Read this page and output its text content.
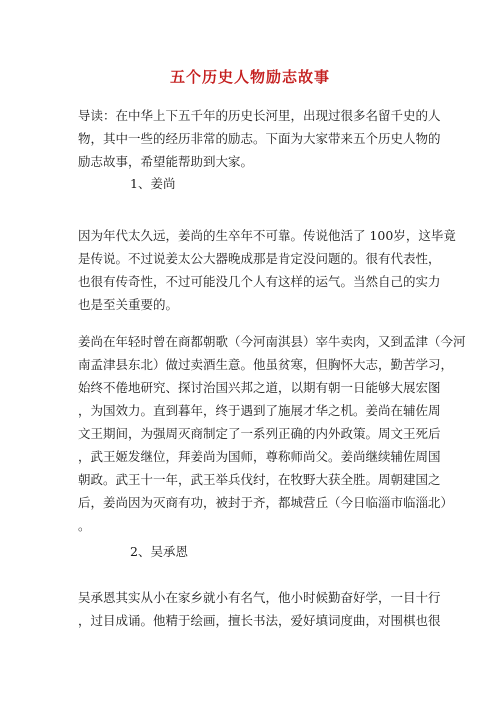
五个历史人物励志故事

导读：在中华上下五千年的历史长河里，出现过很多名留千史的人
物，其中一些的经历非常的励志。下面为大家带来五个历史人物的
励志故事，希望能帮助到大家。

1、姜尚

因为年代太久远，姜尚的生卒年不可靠。传说他活了 100岁，这毕竟
是传说。不过说姜太公大器晚成那是肯定没问题的。很有代表性，
也很有传奇性，不过可能没几个人有这样的运气。当然自己的实力
也是至关重要的。

姜尚在年轻时曾在商都朝歌（今河南淇县）宰牛卖肉，又到孟津（今河
南孟津县东北）做过卖酒生意。他虽贫寒，但胸怀大志，勤苦学习，
始终不倦地研究、探讨治国兴邦之道，以期有朝一日能够大展宏图
，为国效力。直到暮年，终于遇到了施展才华之机。姜尚在辅佐周
文王期间，为强周灭商制定了一系列正确的内外政策。周文王死后
，武王姬发继位，拜姜尚为国师，尊称师尚父。姜尚继续辅佐周国
朝政。武王十一年，武王举兵伐纣，在牧野大获全胜。周朝建国之
后，姜尚因为灭商有功，被封于齐，都城营丘（今日临淄市临淄北）
。

2、吴承恩

吴承恩其实从小在家乡就小有名气，他小时候勤奋好学，一目十行
，过目成诵。他精于绘画，擅长书法，爱好填词度曲，对围棋也很
